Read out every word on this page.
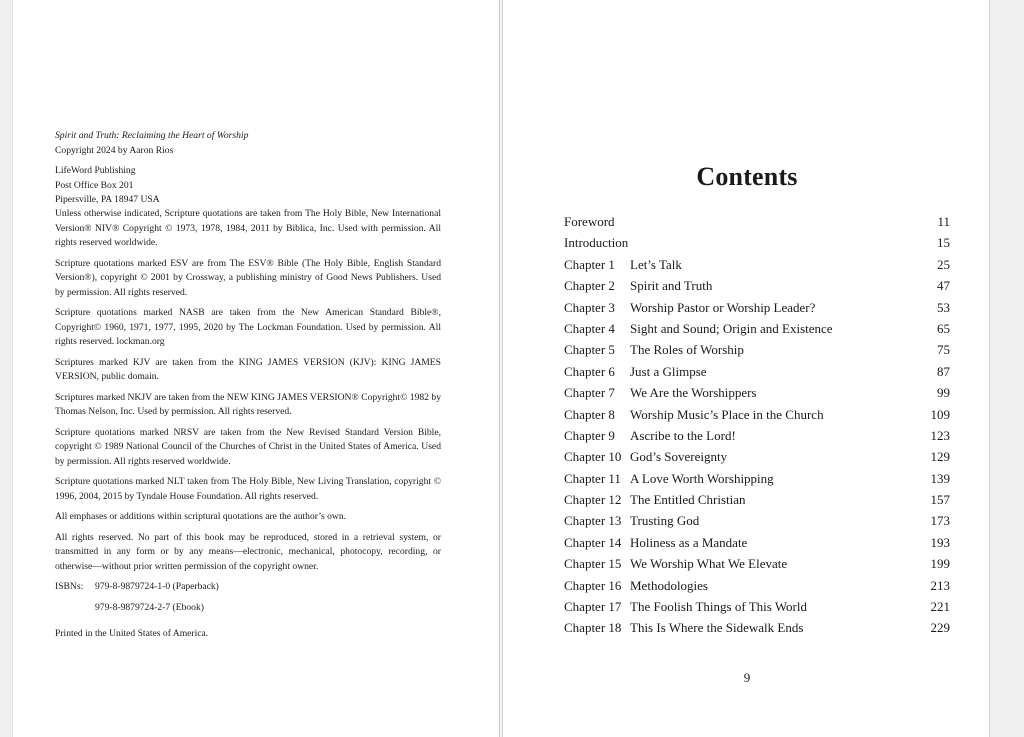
Spirit and Truth: Reclaiming the Heart of Worship
Copyright 2024 by Aaron Rios
LifeWord Publishing
Post Office Box 201
Pipersville, PA 18947 USA

Unless otherwise indicated, Scripture quotations are taken from The Holy Bible, New International Version® NIV® Copyright © 1973, 1978, 1984, 2011 by Biblica, Inc. Used with permission. All rights reserved worldwide.

Scripture quotations marked ESV are from The ESV® Bible (The Holy Bible, English Standard Version®), copyright © 2001 by Crossway, a publishing ministry of Good News Publishers. Used by permission. All rights reserved.

Scripture quotations marked NASB are taken from the New American Standard Bible®, Copyright© 1960, 1971, 1977, 1995, 2020 by The Lockman Foundation. Used by permission. All rights reserved. lockman.org

Scriptures marked KJV are taken from the KING JAMES VERSION (KJV): KING JAMES VERSION, public domain.

Scriptures marked NKJV are taken from the NEW KING JAMES VERSION® Copyright© 1982 by Thomas Nelson, Inc. Used by permission. All rights reserved.

Scripture quotations marked NRSV are taken from the New Revised Standard Version Bible, copyright © 1989 National Council of the Churches of Christ in the United States of America. Used by permission. All rights reserved worldwide.

Scripture quotations marked NLT taken from The Holy Bible, New Living Translation, copyright © 1996, 2004, 2015 by Tyndale House Foundation. All rights reserved.

All emphases or additions within scriptural quotations are the author’s own.

All rights reserved. No part of this book may be reproduced, stored in a retrieval system, or transmitted in any form or by any means—electronic, mechanical, photocopy, recording, or otherwise—without prior written permission of the copyright owner.

ISBNs:	979-8-9879724-1-0 (Paperback)
979-8-9879724-2-7 (Ebook)

Printed in the United States of America.

Contents
Foreword	11
Introduction	15
Chapter 1	Let’s Talk	25
Chapter 2	Spirit and Truth	47
Chapter 3	Worship Pastor or Worship Leader?	53
Chapter 4	Sight and Sound; Origin and Existence	65
Chapter 5	The Roles of Worship	75
Chapter 6	Just a Glimpse	87
Chapter 7	We Are the Worshippers	99
Chapter 8	Worship Music’s Place in the Church	109
Chapter 9	Ascribe to the Lord!	123
Chapter 10 God’s Sovereignty	129
Chapter 11 A Love Worth Worshipping	139
Chapter 12 The Entitled Christian	157
Chapter 13 Trusting God	173
Chapter 14 Holiness as a Mandate	193
Chapter 15 We Worship What We Elevate	199
Chapter 16 Methodologies	213
Chapter 17 The Foolish Things of This World	221
Chapter 18 This Is Where the Sidewalk Ends	229
9
